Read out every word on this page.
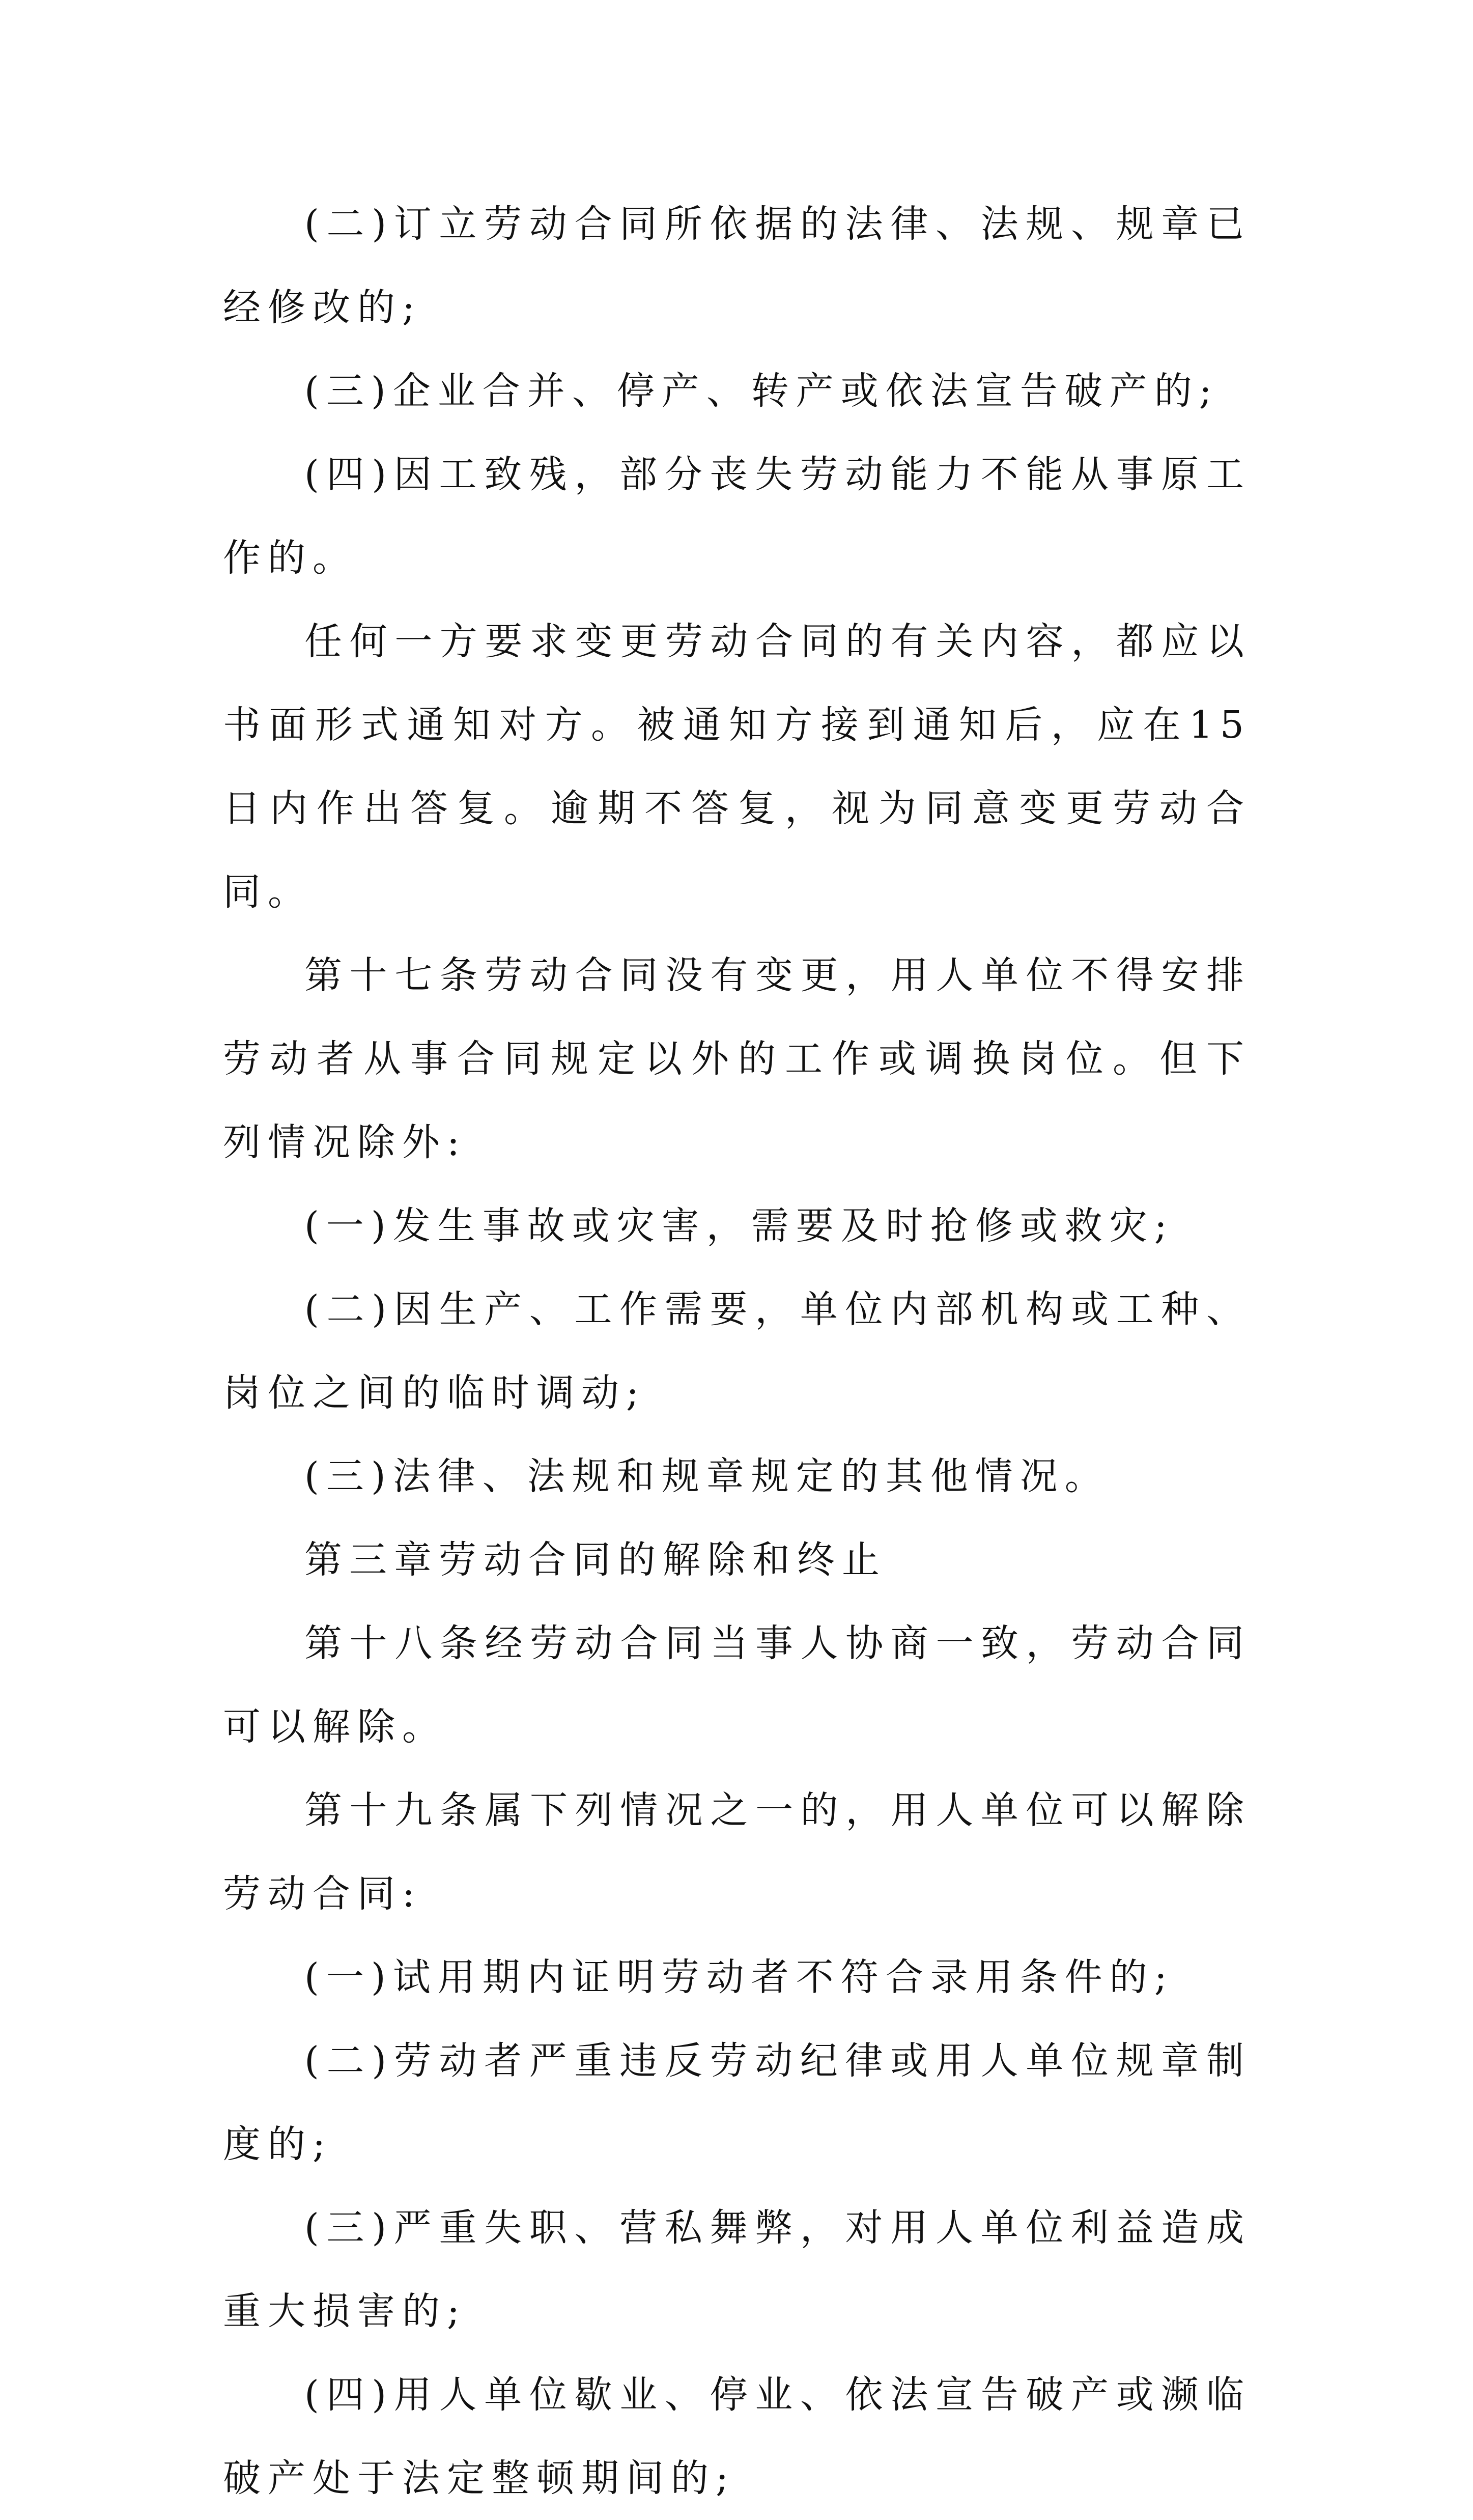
(二)订立劳动合同所依据的法律、法规、规章已经修改的;

(三)企业合并、停产、转产或依法宣告破产的;

(四)因工致残，部分丧失劳动能力不能从事原工作的。

任何一方要求变更劳动合同的有关内容，都应以书面形式通知对方。被通知方接到通知后，应在15日内作出答复。逾期不答复，视为同意变更劳动合同。

第十七条劳动合同没有变更，用人单位不得安排劳动者从事合同规定以外的工作或调换岗位。但下列情况除外:

(一)发生事故或灾害，需要及时抢修或救灾;

(二)因生产、工作需要，单位内部机构或工种、岗位之间的临时调动;

(三)法律、法规和规章规定的其他情况。

第三章劳动合同的解除和终止

第十八条经劳动合同当事人协商一致，劳动合同可以解除。

第十九条属下列情况之一的，用人单位可以解除劳动合同:

(一)试用期内证明劳动者不符合录用条件的;

(二)劳动者严重违反劳动纪律或用人单位规章制度的;

(三)严重失职、营私舞弊，对用人单位利益造成重大损害的;

(四)用人单位歇业、停业、依法宣告破产或濒临破产处于法定整顿期间的;
